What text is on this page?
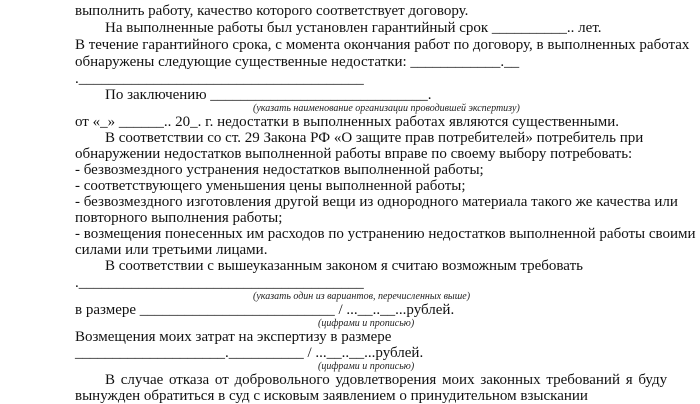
выполнить работу, качество которого соответствует договору.
На выполненные работы был установлен гарантийный срок __________.. лет.
В течение гарантийного срока, с момента окончания работ по договору, в выполненных работах
обнаружены следующие существенные недостатки: ____________.__
.______________________________________
По заключению _____________________________.
(указать наименование организации проводившей экспертизу)
от «_» ______.. 20_. г. недостатки в выполненных работах являются существенными.
В соответствии со ст. 29 Закона РФ «О защите прав потребителей» потребитель при
обнаружении недостатков выполненной работы вправе по своему выбору потребовать:
- безвозмездного устранения недостатков выполненной работы;
- соответствующего уменьшения цены выполненной работы;
- безвозмездного изготовления другой вещи из однородного материала такого же качества или
повторного выполнения работы;
- возмещения понесенных им расходов по устранению недостатков выполненной работы своими
силами или третьими лицами.
В соответствии с вышеуказанным законом я считаю возможным требовать
.______________________________________
(указать один из вариантов, перечисленных выше)
в размере __________________________ / ...__..__...рублей.
(цифрами и прописью)
Возмещения моих затрат на экспертизу в размере
____________________.__________ / ...__..__...рублей.
(цифрами и прописью)
В случае отказа от добровольного удовлетворения моих законных требований я буду
вынужден обратиться в суд с исковым заявлением о принудительном взыскании
